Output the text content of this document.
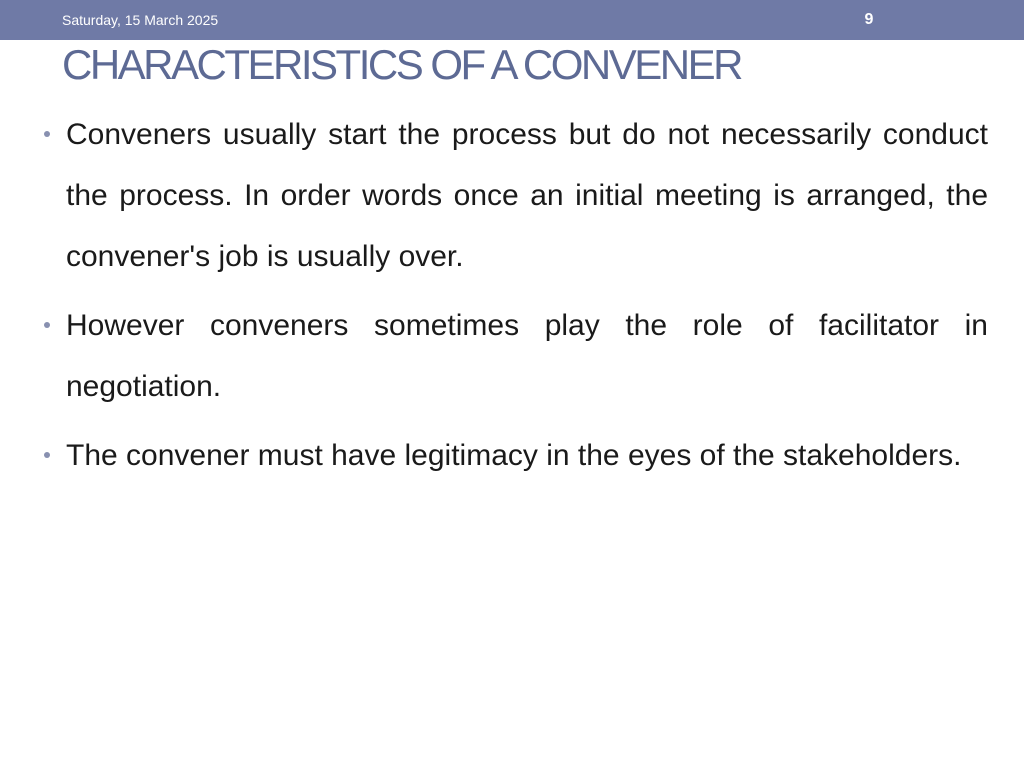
Saturday, 15 March 2025	9
CHARACTERISTICS OF A CONVENER
Conveners usually start the process but do not necessarily conduct the process. In order words once an initial meeting is arranged, the convener's job is usually over.
However conveners sometimes play the role of facilitator in negotiation.
The convener must have legitimacy in the eyes of the stakeholders.
